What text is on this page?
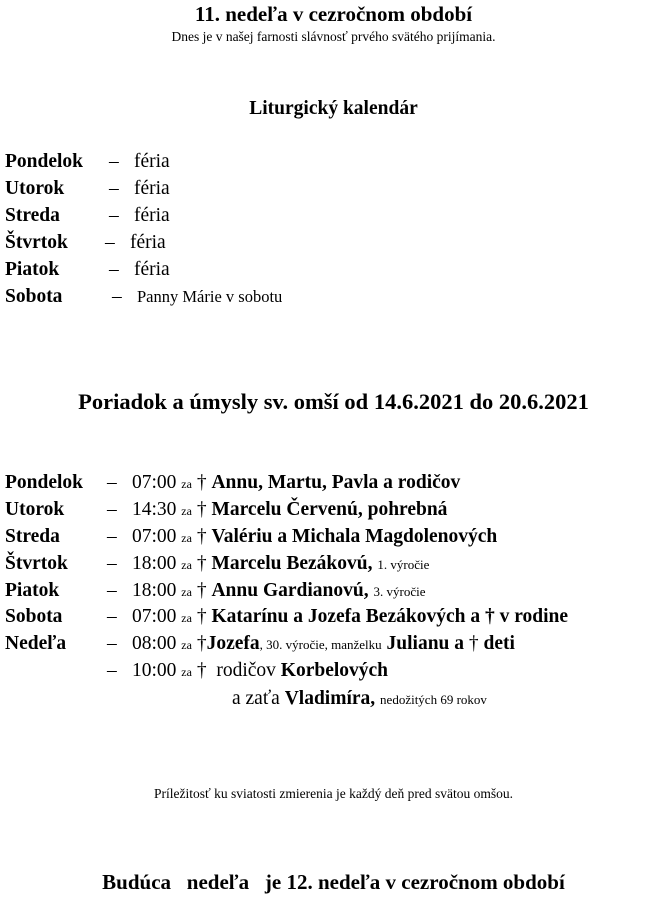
11. nedeľa v cezročnom období
Dnes je v našej farnosti slávnosť prvého svätého prijímania.
Liturgický kalendár
Pondelok – féria
Utorok – féria
Streda	– féria
Štvrtok – féria
Piatok	– féria
Sobota	– Panny Márie v sobotu
Poriadok a úmysly sv. omší od 14.6.2021 do 20.6.2021
Pondelok – 07:00 za † Annu, Martu, Pavla a rodičov
Utorok – 14:30 za † Marcelu Červenú, pohrebná
Streda – 07:00 za † Valériu a Michala Magdolenových
Štvrtok – 18:00 za † Marcelu Bezákovú, 1. výročie
Piatok – 18:00 za † Annu Gardianovú, 3. výročie
Sobota – 07:00 za † Katarínu a Jozefa Bezákových a † v rodine
Nedeľa – 08:00 za †Jozefa, 30. výročie, manželku Julianu a † deti
– 10:00 za † rodičov Korbelových
a zaťa Vladimíra, nedožitých 69 rokov
Príležitosť ku sviatosti zmierenia je každý deň pred svätou omšou.
Budúca   nedeľa   je 12. nedeľa v cezročnom období
